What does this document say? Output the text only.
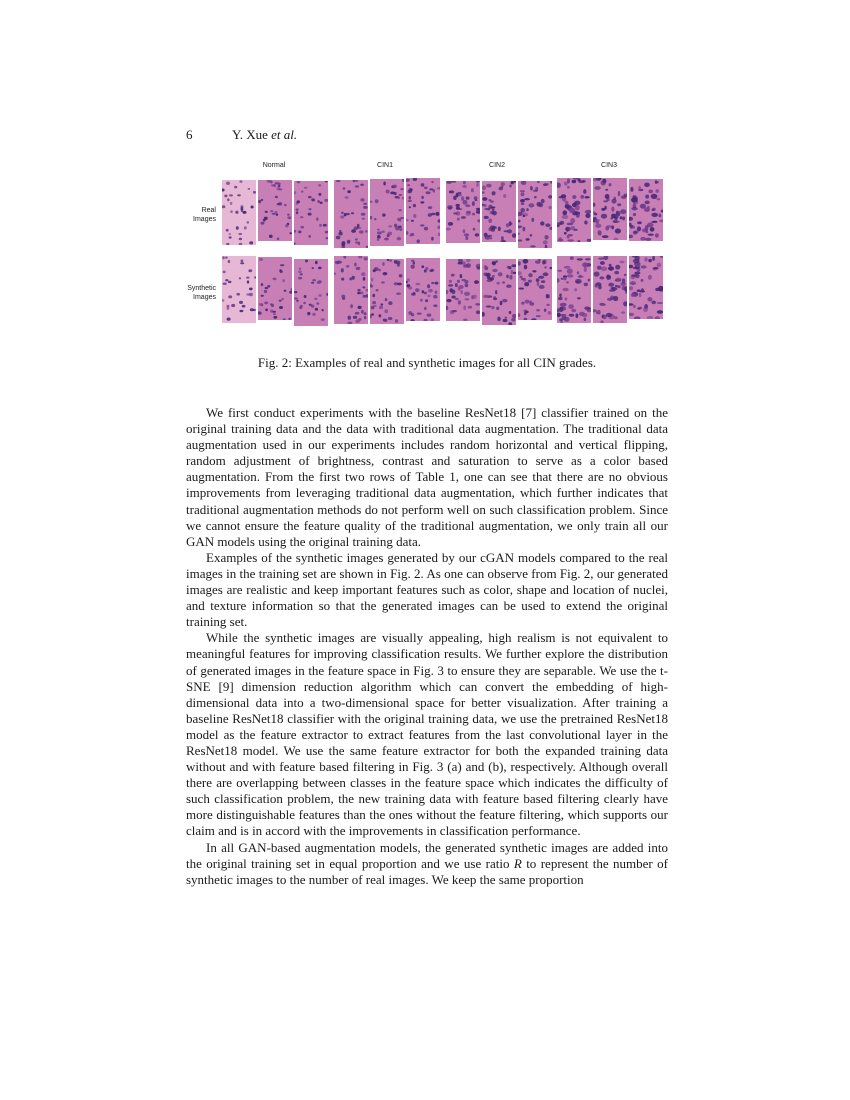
6	Y. Xue et al.
Normal	CIN1	CIN2	CIN3
Real
Images
Synthetic
Images
Fig. 2: Examples of real and synthetic images for all CIN grades.

We first conduct experiments with the baseline ResNet18 [7] classifier trained on the original training data and the data with traditional data augmentation. The traditional data augmentation used in our experiments includes random horizontal and vertical flipping, random adjustment of brightness, contrast and saturation to serve as a color based augmentation. From the first two rows of Table 1, one can see that there are no obvious improvements from leveraging traditional data augmentation, which further indicates that traditional augmentation methods do not perform well on such classification problem. Since we cannot ensure the feature quality of the traditional augmentation, we only train all our GAN models using the original training data.

Examples of the synthetic images generated by our cGAN models compared to the real images in the training set are shown in Fig. 2. As one can observe from Fig. 2, our generated images are realistic and keep important features such as color, shape and location of nuclei, and texture information so that the generated images can be used to extend the original training set.

While the synthetic images are visually appealing, high realism is not equivalent to meaningful features for improving classification results. We further explore the distribution of generated images in the feature space in Fig. 3 to ensure they are separable. We use the t-SNE [9] dimension reduction algorithm which can convert the embedding of high-dimensional data into a two-dimensional space for better visualization. After training a baseline ResNet18 classifier with the original training data, we use the pretrained ResNet18 model as the feature extractor to extract features from the last convolutional layer in the ResNet18 model. We use the same feature extractor for both the expanded training data without and with feature based filtering in Fig. 3 (a) and (b), respectively. Although overall there are overlapping between classes in the feature space which indicates the difficulty of such classification problem, the new training data with feature based filtering clearly have more distinguishable features than the ones without the feature filtering, which supports our claim and is in accord with the improvements in classification performance.

In all GAN-based augmentation models, the generated synthetic images are added into the original training set in equal proportion and we use ratio R to represent the number of synthetic images to the number of real images. We keep the same proportion
